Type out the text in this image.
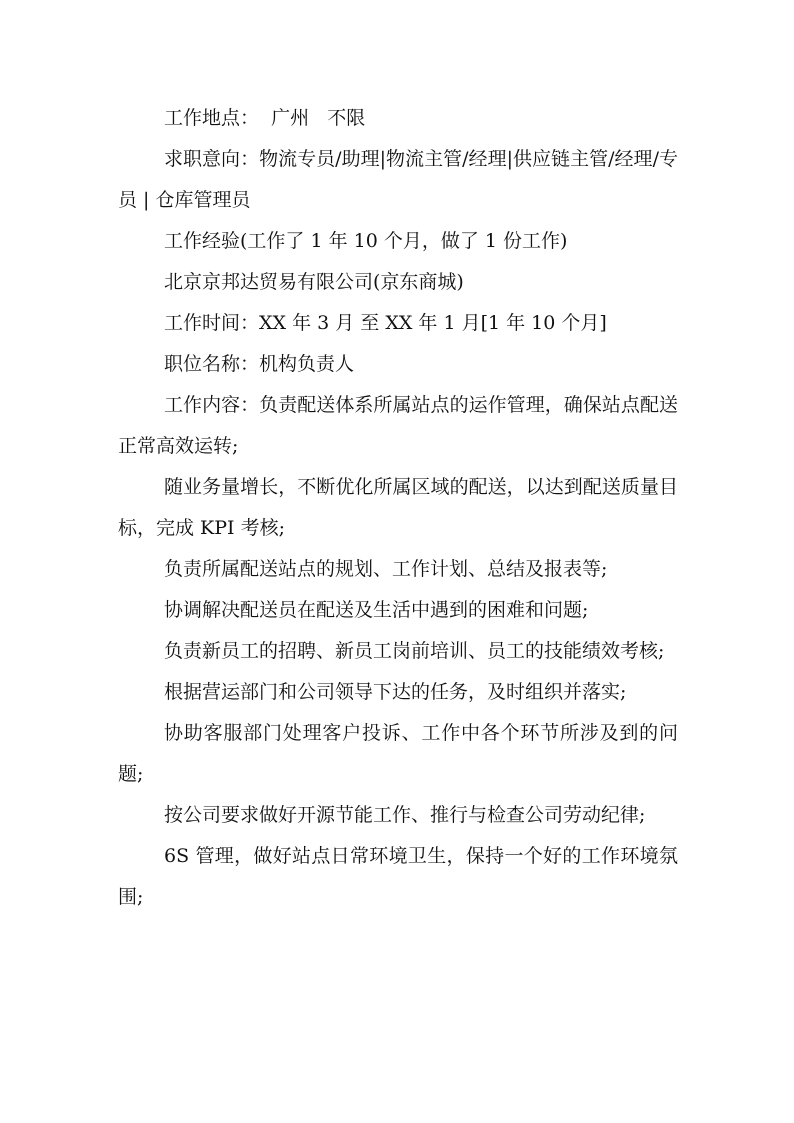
工作地点：  广州   不限

求职意向：物流专员/助理|物流主管/经理|供应链主管/经理/专员 | 仓库管理员

工作经验(工作了 1 年 10 个月，做了 1 份工作)

北京京邦达贸易有限公司(京东商城)

工作时间：XX 年 3 月 至 XX 年 1 月[1 年 10 个月]

职位名称：机构负责人

工作内容：负责配送体系所属站点的运作管理，确保站点配送正常高效运转;

随业务量增长，不断优化所属区域的配送，以达到配送质量目标，完成 KPI 考核;

负责所属配送站点的规划、工作计划、总结及报表等;

协调解决配送员在配送及生活中遇到的困难和问题;

负责新员工的招聘、新员工岗前培训、员工的技能绩效考核;

根据营运部门和公司领导下达的任务，及时组织并落实;

协助客服部门处理客户投诉、工作中各个环节所涉及到的问题;

按公司要求做好开源节能工作、推行与检查公司劳动纪律;

6S 管理，做好站点日常环境卫生，保持一个好的工作环境氛围;
